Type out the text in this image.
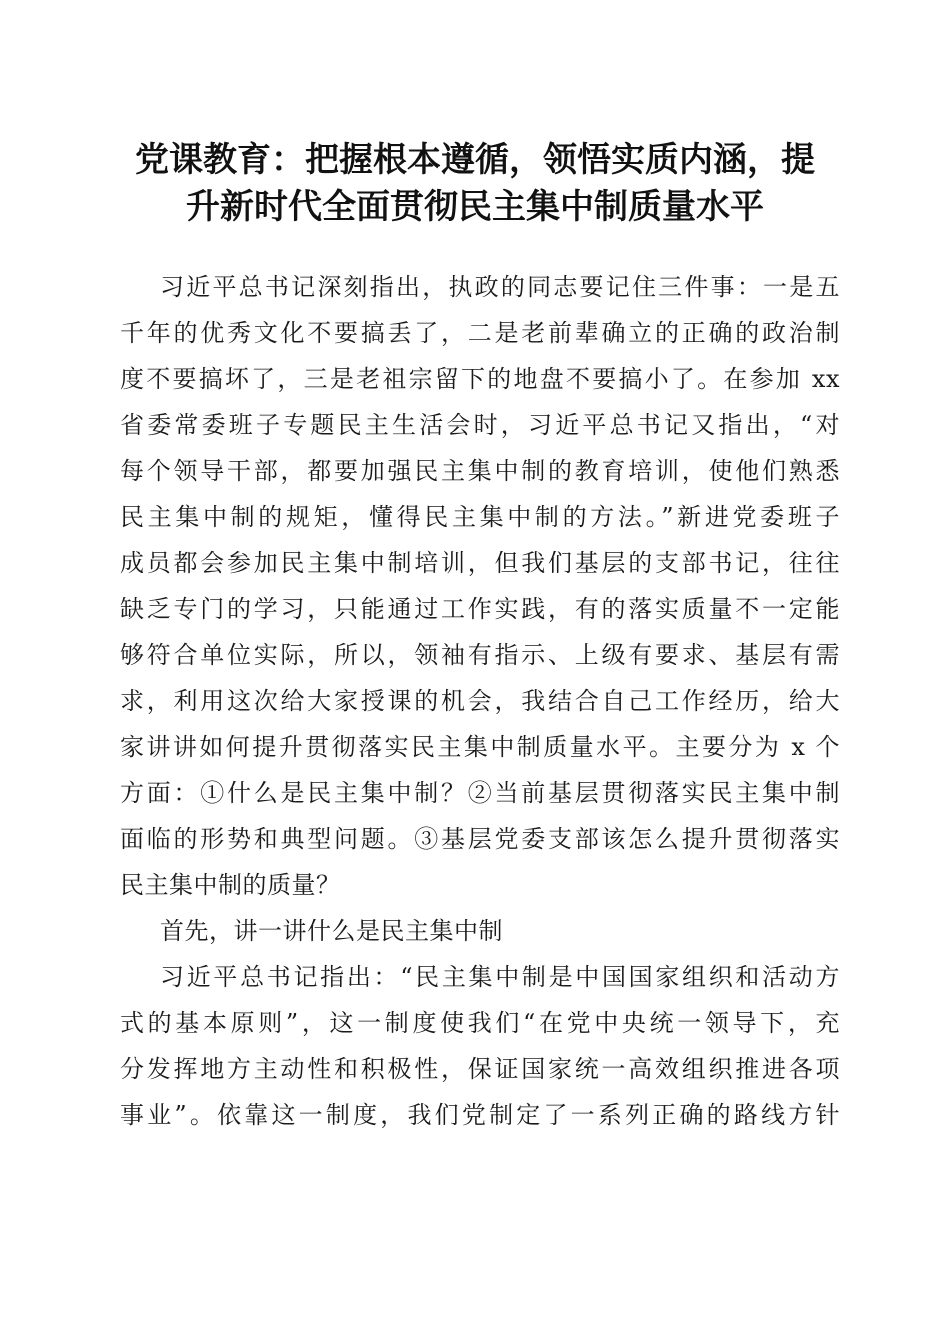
党课教育：把握根本遵循，领悟实质内涵，提
升新时代全面贯彻民主集中制质量水平
习近平总书记深刻指出，执政的同志要记住三件事：一是五
千年的优秀文化不要搞丢了，二是老前辈确立的正确的政治制
度不要搞坏了，三是老祖宗留下的地盘不要搞小了。在参加 xx
省委常委班子专题民主生活会时，习近平总书记又指出，“对
每个领导干部，都要加强民主集中制的教育培训，使他们熟悉
民主集中制的规矩，懂得民主集中制的方法。”新进党委班子
成员都会参加民主集中制培训，但我们基层的支部书记，往往
缺乏专门的学习，只能通过工作实践，有的落实质量不一定能
够符合单位实际，所以，领袖有指示、上级有要求、基层有需
求，利用这次给大家授课的机会，我结合自己工作经历，给大
家讲讲如何提升贯彻落实民主集中制质量水平。主要分为 x 个
方面：①什么是民主集中制？②当前基层贯彻落实民主集中制
面临的形势和典型问题。③基层党委支部该怎么提升贯彻落实
民主集中制的质量？
首先，讲一讲什么是民主集中制
习近平总书记指出：“民主集中制是中国国家组织和活动方
式的基本原则”，这一制度使我们“在党中央统一领导下，充
分发挥地方主动性和积极性，保证国家统一高效组织推进各项
事业”。依靠这一制度，我们党制定了一系列正确的路线方针
